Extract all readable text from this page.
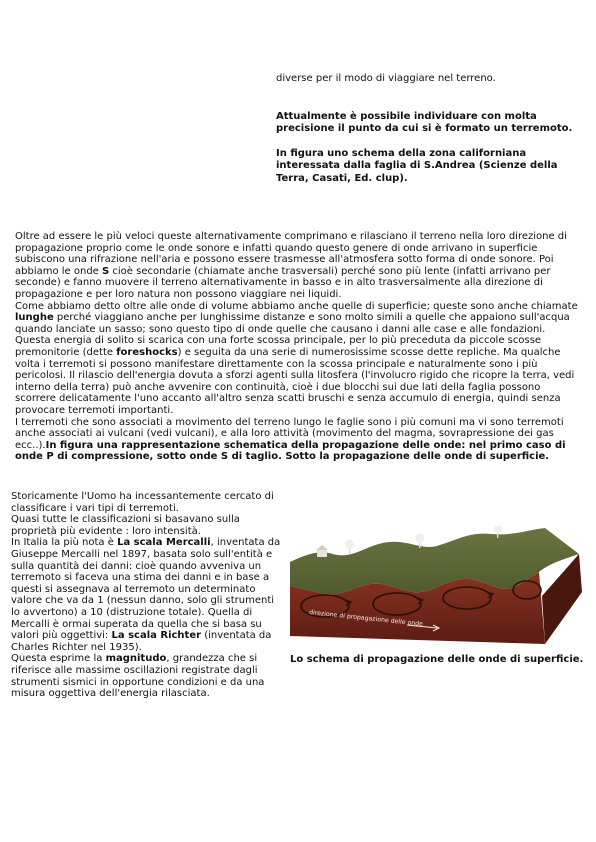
diverse per il modo di viaggiare nel terreno.

Attualmente è possibile individuare con molta precisione il punto da cui si è formato un terremoto.

In figura uno schema della zona californiana interessata dalla faglia di S.Andrea (Scienze della Terra, Casati, Ed. clup).

Oltre ad essere le più veloci queste alternativamente comprimano e rilasciano il terreno nella loro direzione di propagazione proprio come le onde sonore e infatti quando questo genere di onde arrivano in superficie subiscono una rifrazione nell'aria e possono essere trasmesse all'atmosfera sotto forma di onde sonore. Poi abbiamo le onde S cioè secondarie (chiamate anche trasversali) perché sono più lente (infatti arrivano per seconde) e fanno muovere il terreno alternativamente in basso e in alto trasversalmente alla direzione di propagazione e per loro natura non possono viaggiare nei liquidi.

Come abbiamo detto oltre alle onde di volume abbiamo anche quelle di superficie; queste sono anche chiamate lunghe perché viaggiano anche per lunghissime distanze e sono molto simili a quelle che appaiono sull'acqua quando lanciate un sasso; sono questo tipo di onde quelle che causano i danni alle case e alle fondazioni.

Questa energia di solito si scarica con una forte scossa principale, per lo più preceduta da piccole scosse premonitorie (dette foreshocks) e seguita da una serie di numerosissime scosse dette repliche. Ma qualche volta i terremoti si possono manifestare direttamente con la scossa principale e naturalmente sono i più pericolosi. Il rilascio dell'energia dovuta a sforzi agenti sulla litosfera (l'involucro rigido che ricopre la terra, vedi interno della terra) può anche avvenire con continuità, cioè i due blocchi sui due lati della faglia possono scorrere delicatamente l'uno accanto all'altro senza scatti bruschi e senza accumulo di energia, quindi senza provocare terremoti importanti.

I terremoti che sono associati a movimento del terreno lungo le faglie sono i più comuni ma vi sono terremoti anche associati ai vulcani (vedi vulcani), e alla loro attività (movimento del magma, sovrapressione dei gas ecc..).In figura una rappresentazione schematica della propagazione delle onde: nel primo caso di onde P di compressione, sotto onde S di taglio. Sotto la propagazione delle onde di superficie.

Storicamente l'Uomo ha incessantemente cercato di classificare i vari tipi di terremoti.

Quasi tutte le classificazioni si basavano sulla proprietà più evidente : loro intensità.

In Italia la più nota è La scala Mercalli, inventata da Giuseppe Mercalli nel 1897, basata solo sull'entità e sulla quantità dei danni: cioè quando avveniva un terremoto si faceva una stima dei danni e in base a questi si assegnava al terremoto un determinato valore che va da 1 (nessun danno, solo gli strumenti lo avvertono) a 10 (distruzione totale). Quella di Mercalli è ormai superata da quella che si basa su valori più oggettivi: La scala Richter (inventata da Charles Richter nel 1935).

Questa esprime la magnitudo, grandezza che si riferisce alle massime oscillazioni registrate dagli strumenti sismici in opportune condizioni e da una misura oggettiva dell'energia rilasciata.

direzione di propagazione delle onde

Lo schema di propagazione delle onde di superficie.
